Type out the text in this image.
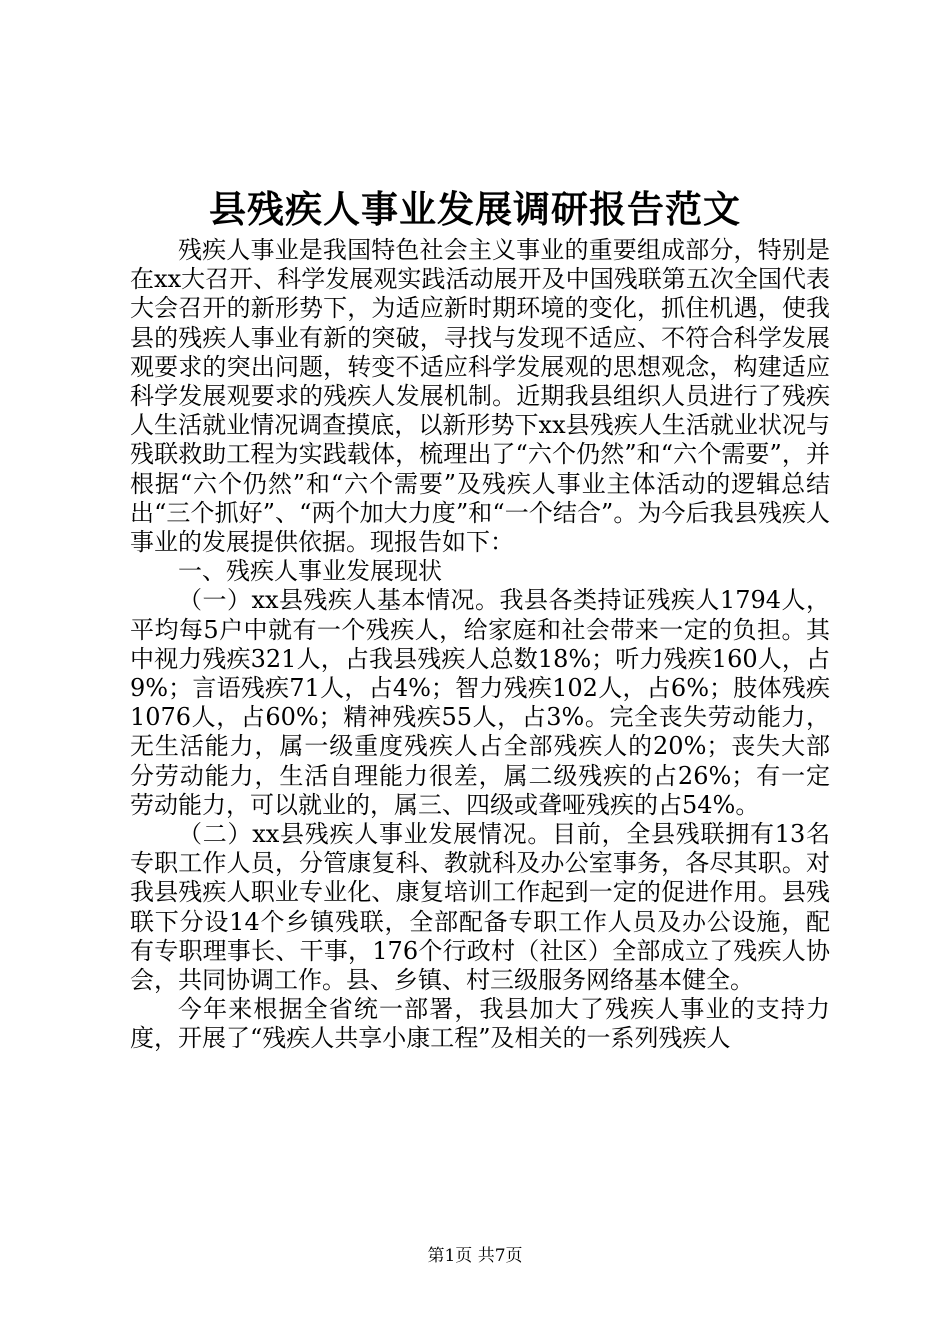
县残疾人事业发展调研报告范文

残疾人事业是我国特色社会主义事业的重要组成部分，特别是在xx大召开、科学发展观实践活动展开及中国残联第五次全国代表大会召开的新形势下，为适应新时期环境的变化，抓住机遇，使我县的残疾人事业有新的突破，寻找与发现不适应、不符合科学发展观要求的突出问题，转变不适应科学发展观的思想观念，构建适应科学发展观要求的残疾人发展机制。近期我县组织人员进行了残疾人生活就业情况调查摸底，以新形势下xx县残疾人生活就业状况与残联救助工程为实践载体，梳理出了“六个仍然”和“六个需要”，并根据“六个仍然”和“六个需要”及残疾人事业主体活动的逻辑总结出“三个抓好”、“两个加大力度”和“一个结合”。为今后我县残疾人事业的发展提供依据。现报告如下：

一、残疾人事业发展现状

（一）xx县残疾人基本情况。我县各类持证残疾人1794人，平均每5户中就有一个残疾人，给家庭和社会带来一定的负担。其中视力残疾321人，占我县残疾人总数18%；听力残疾160人，占9%；言语残疾71人，占4%；智力残疾102人，占6%；肢体残疾1076人，占60%；精神残疾55人，占3%。完全丧失劳动能力，无生活能力，属一级重度残疾人占全部残疾人的20%；丧失大部分劳动能力，生活自理能力很差，属二级残疾的占26%；有一定劳动能力，可以就业的，属三、四级或聋哑残疾的占54%。

（二）xx县残疾人事业发展情况。目前，全县残联拥有13名专职工作人员，分管康复科、教就科及办公室事务，各尽其职。对我县残疾人职业专业化、康复培训工作起到一定的促进作用。县残联下分设14个乡镇残联，全部配备专职工作人员及办公设施，配有专职理事长、干事，176个行政村（社区）全部成立了残疾人协会，共同协调工作。县、乡镇、村三级服务网络基本健全。

今年来根据全省统一部署，我县加大了残疾人事业的支持力度，开展了“残疾人共享小康工程”及相关的一系列残疾人

第1页 共7页
